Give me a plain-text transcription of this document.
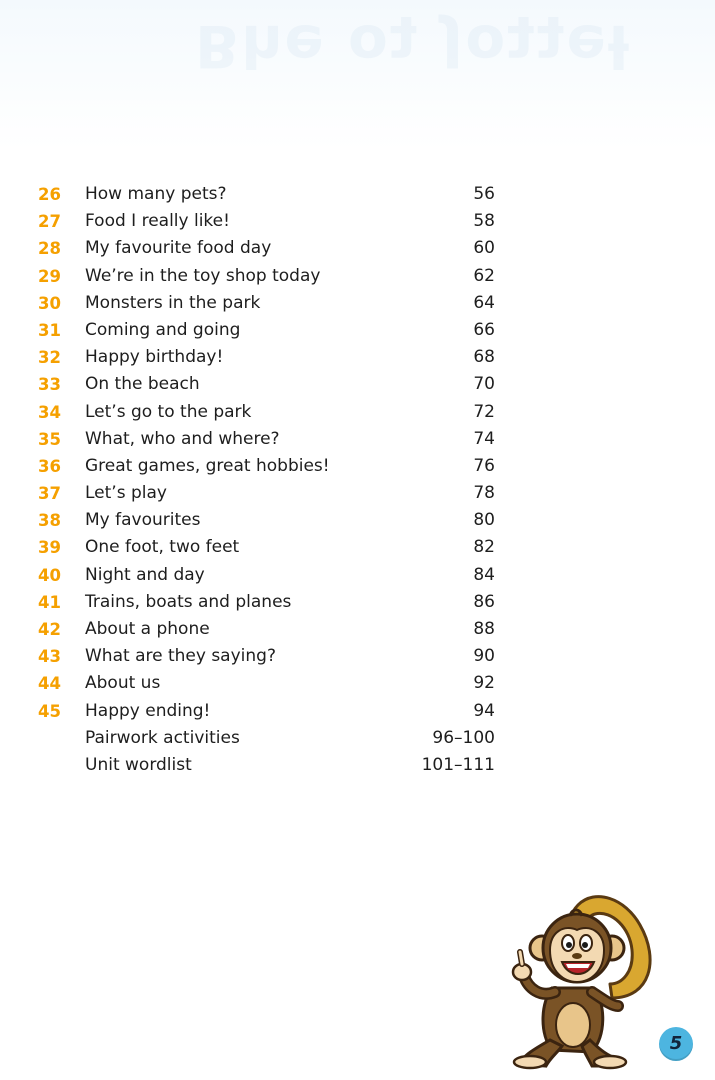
Bhe oʇ Joʇʇeƚ
26 How many pets?	56
27 Food I really like!	58
28 My favourite food day	60
29 We’re in the toy shop today	62
30 Monsters in the park	64
31 Coming and going	66
32 Happy birthday!	68
33 On the beach	70
34 Let’s go to the park	72
35 What, who and where?	74
36 Great games, great hobbies!	76
37 Let’s play	78
38 My favourites	80
39 One foot, two feet	82
40 Night and day	84
41 Trains, boats and planes	86
42 About a phone	88
43 What are they saying?	90
44 About us	92
45 Happy ending!	94
Pairwork activities	96–100
Unit wordlist	101–111
5
